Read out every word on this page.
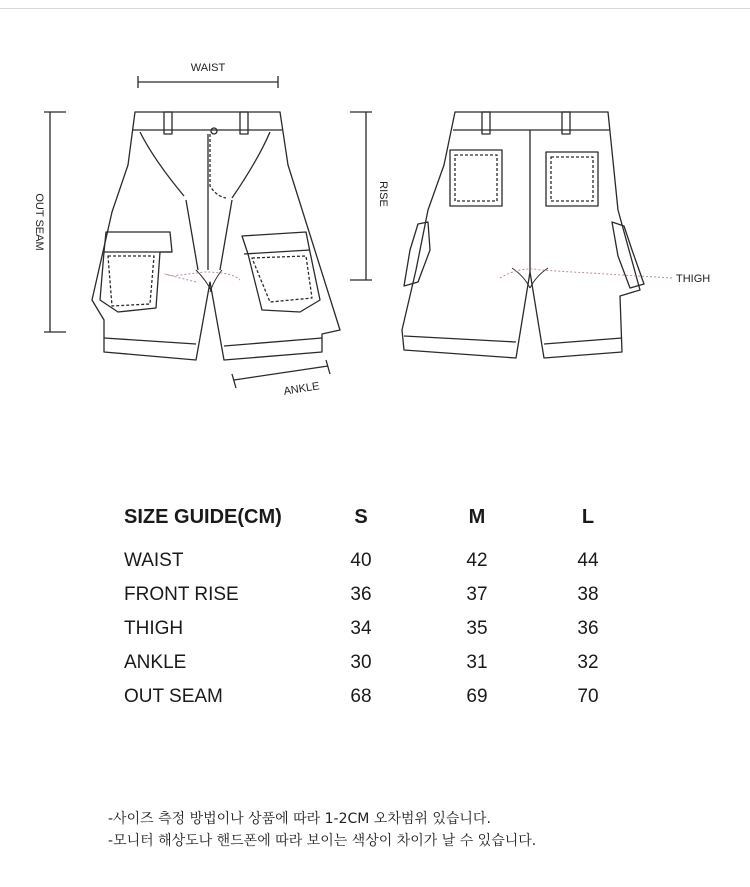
WAIST
OUT SEAM	RISE
ANKLE
THIGH
SIZE GUIDE(CM)	S	M	L
WAIST	40	42	44
FRONT RISE	36	37	38
THIGH	34	35	36
ANKLE	30	31	32
OUT SEAM	68	69	70

-사이즈 측정 방법이나 상품에 따라 1-2CM 오차범위 있습니다.

-모니터 해상도나 핸드폰에 따라 보이는 색상이 차이가 날 수 있습니다.
